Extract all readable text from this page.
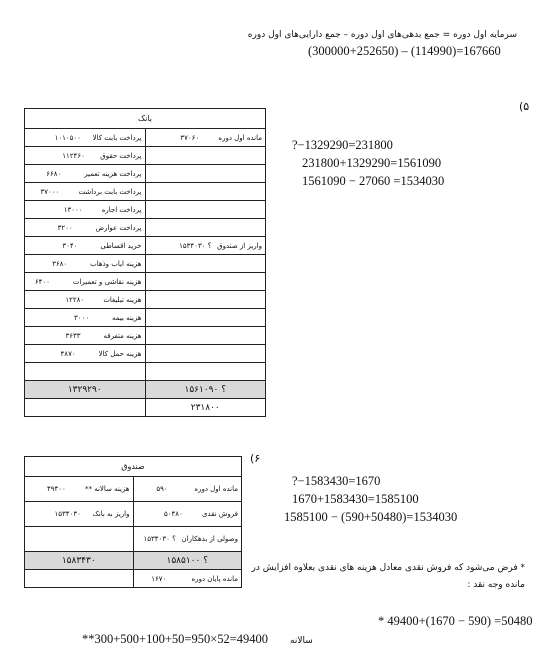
سرمایه اول دوره = جمع بدهی‌های اول دوره – جمع دارایی‌های اول دوره
(300000+252650) – (114990)=167660
۵)
بانک	
پرداخت بابت کالا۱۰۱۰۵۰۰	مانده اول دوره۳۷۰۶۰
پرداخت حقوق۱۱۲۴۶۰	
پرداخت هزینه تعمیر۶۶۸۰	
پرداخت بابت برداشت۳۷۰۰۰	
پرداخت اجاره۱۳۰۰۰	
پرداخت عوارض۳۲۰۰	
خرید اقساطی۳۰۴۰	واریز از صندوق؟ ۱۵۳۴۰۳۰
هزینه ایاب وذهاب۳۶۸۰	
هزینه نقاشی و تعمیرات۶۴۰۰	
هزینه تبلیغات۱۲۲۸۰	
هزینه بیمه۳۰۰۰	
هزینه متفرقه۳۶۳۳	
هزینه حمل کالا۴۸۷۰	

۱۳۲۹۲۹۰	؟ ۱۵۶۱۰۹۰
	۲۳۱۸۰۰
?−1329290=231800
231800+1329290=1561090
1561090 − 27060 =1534030
۶)
صندوق	
هزینه سالانه **۴۹۴۰۰	مانده اول دوره۵۹۰
واریز به بانک۱۵۳۴۰۳۰	فروش نقدی۵۰۴۸۰
	وصولی از بدهکاران؟ ۱۵۳۴۰۳۰
۱۵۸۳۴۳۰	؟ ۱۵۸۵۱۰۰
	مانده پایان دوره ۱۶۷۰
?−1583430=1670
1670+1583430=1585100
1585100 − (590+50480)=1534030
* فرض می‌شود که فروش نقدی معادل هزینه های نقدی بعلاوه افزایش در
مانده وجه نقد :
* 49400+(1670 − 590) =50480
**300+500+100+50=950×52=49400 سالانه
